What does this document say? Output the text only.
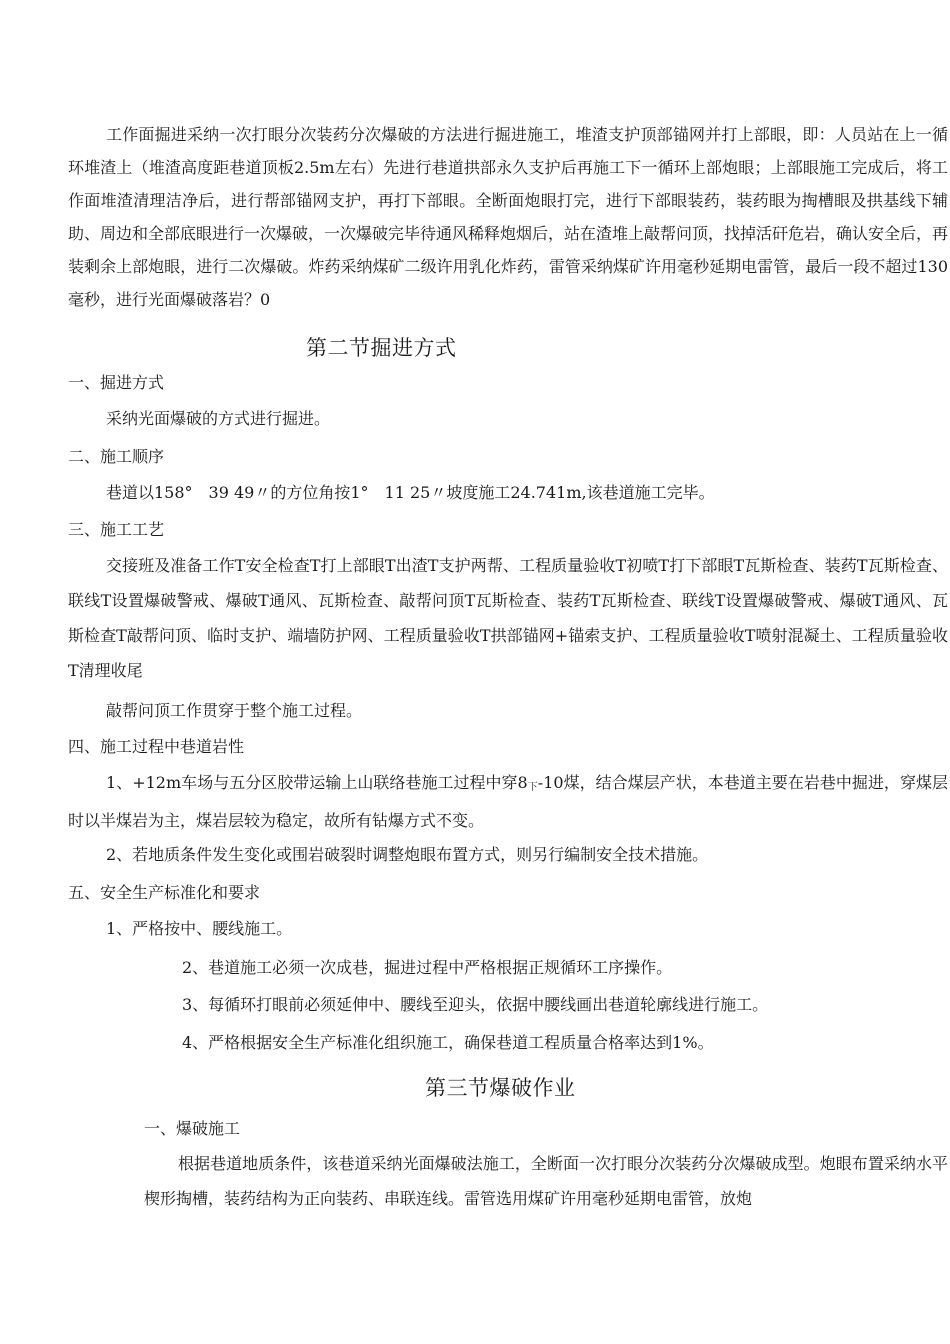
工作面掘进采纳一次打眼分次装药分次爆破的方法进行掘进施工，堆渣支护顶部锚网并打上部眼，即：人员站在上一循环堆渣上（堆渣高度距巷道顶板2.5m左右）先进行巷道拱部永久支护后再施工下一循环上部炮眼；上部眼施工完成后，将工作面堆渣清理洁净后，进行帮部锚网支护，再打下部眼。全断面炮眼打完，进行下部眼装药，装药眼为掏槽眼及拱基线下辅助、周边和全部底眼进行一次爆破，一次爆破完毕待通风稀释炮烟后，站在渣堆上敲帮问顶，找掉活矸危岩，确认安全后，再装剩余上部炮眼，进行二次爆破。炸药采纳煤矿二级许用乳化炸药，雷管采纳煤矿许用毫秒延期电雷管，最后一段不超过130毫秒，进行光面爆破落岩？0
第二节掘进方式
一、掘进方式
采纳光面爆破的方式进行掘进。
二、施工顺序
巷道以158°　39 49〃的方位角按1°　11 25〃坡度施工24.741m,该巷道施工完毕。
三、施工工艺
交接班及准备工作T安全检查T打上部眼T出渣T支护两帮、工程质量验收T初喷T打下部眼T瓦斯检查、装药T瓦斯检查、联线T设置爆破警戒、爆破T通风、瓦斯检查、敲帮问顶T瓦斯检查、装药T瓦斯检查、联线T设置爆破警戒、爆破T通风、瓦斯检查T敲帮问顶、临时支护、端墙防护网、工程质量验收T拱部锚网+锚索支护、工程质量验收T喷射混凝土、工程质量验收T清理收尾
敲帮问顶工作贯穿于整个施工过程。
四、施工过程中巷道岩性
1、+12m车场与五分区胶带运输上山联络巷施工过程中穿$8_下-10$煤，结合煤层产状，本巷道主要在岩巷中掘进，穿煤层时以半煤岩为主，煤岩层较为稳定，故所有钻爆方式不变。
2、若地质条件发生变化或围岩破裂时调整炮眼布置方式，则另行编制安全技术措施。
五、安全生产标准化和要求
1、严格按中、腰线施工。
2、巷道施工必须一次成巷，掘进过程中严格根据正规循环工序操作。
3、每循环打眼前必须延伸中、腰线至迎头，依据中腰线画出巷道轮廓线进行施工。
4、严格根据安全生产标准化组织施工，确保巷道工程质量合格率达到1%。
第三节爆破作业
一、爆破施工
根据巷道地质条件，该巷道采纳光面爆破法施工，全断面一次打眼分次装药分次爆破成型。炮眼布置采纳水平楔形掏槽，装药结构为正向装药、串联连线。雷管选用煤矿许用毫秒延期电雷管，放炮
